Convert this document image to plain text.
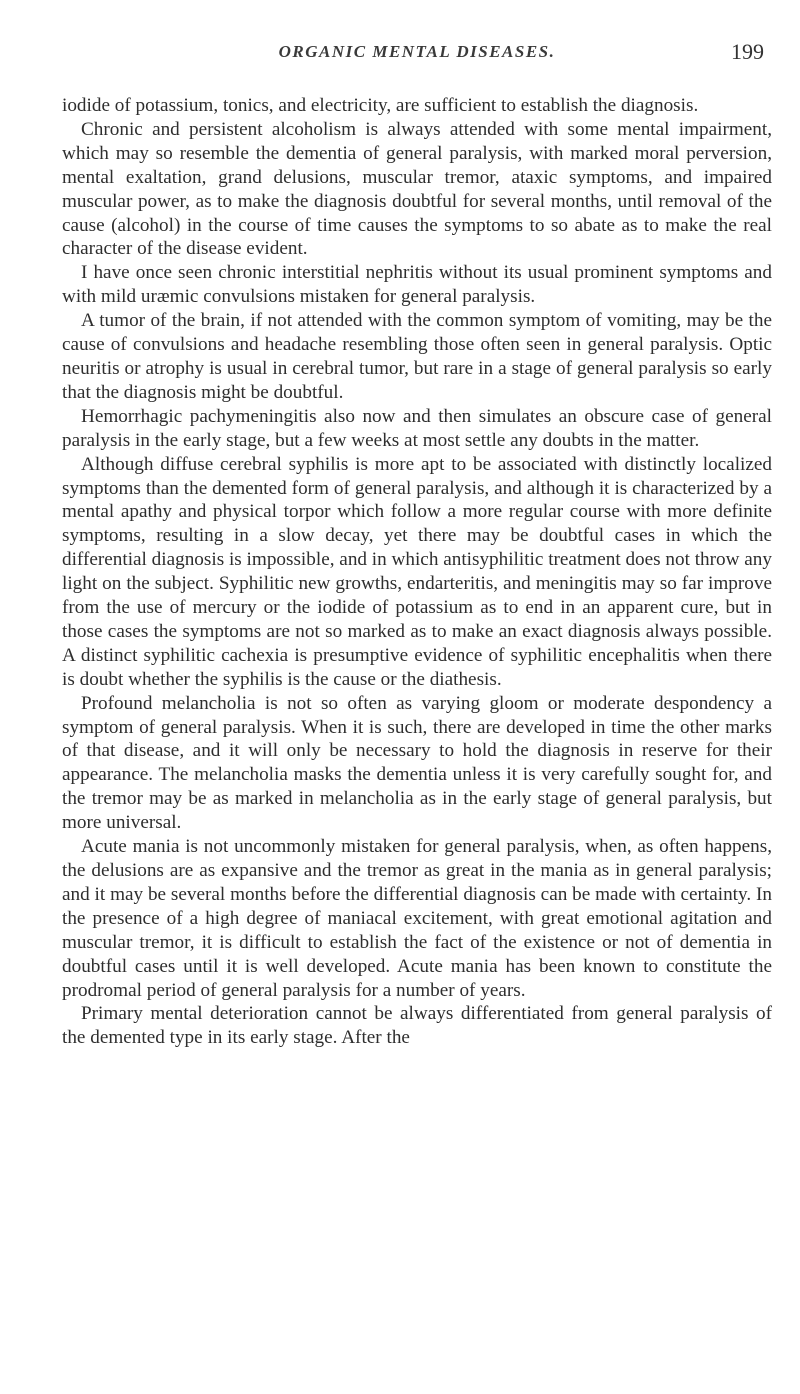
ORGANIC MENTAL DISEASES.	199

iodide of potassium, tonics, and electricity, are sufficient to establish the diagnosis.

Chronic and persistent alcoholism is always attended with some mental impairment, which may so resemble the dementia of general paralysis, with marked moral perversion, mental exaltation, grand delusions, muscular tremor, ataxic symptoms, and impaired muscular power, as to make the diagnosis doubtful for several months, until removal of the cause (alcohol) in the course of time causes the symptoms to so abate as to make the real character of the disease evident.

I have once seen chronic interstitial nephritis without its usual prominent symptoms and with mild uræmic convulsions mistaken for general paralysis.

A tumor of the brain, if not attended with the common symptom of vomiting, may be the cause of convulsions and headache resembling those often seen in general paralysis. Optic neuritis or atrophy is usual in cerebral tumor, but rare in a stage of general paralysis so early that the diagnosis might be doubtful.

Hemorrhagic pachymeningitis also now and then simulates an obscure case of general paralysis in the early stage, but a few weeks at most settle any doubts in the matter.

Although diffuse cerebral syphilis is more apt to be associated with distinctly localized symptoms than the demented form of general paralysis, and although it is characterized by a mental apathy and physical torpor which follow a more regular course with more definite symptoms, resulting in a slow decay, yet there may be doubtful cases in which the differential diagnosis is impossible, and in which antisyphilitic treatment does not throw any light on the subject. Syphilitic new growths, endarteritis, and meningitis may so far improve from the use of mercury or the iodide of potassium as to end in an apparent cure, but in those cases the symptoms are not so marked as to make an exact diagnosis always possible. A distinct syphilitic cachexia is presumptive evidence of syphilitic encephalitis when there is doubt whether the syphilis is the cause or the diathesis.

Profound melancholia is not so often as varying gloom or moderate despondency a symptom of general paralysis. When it is such, there are developed in time the other marks of that disease, and it will only be necessary to hold the diagnosis in reserve for their appearance. The melancholia masks the dementia unless it is very carefully sought for, and the tremor may be as marked in melancholia as in the early stage of general paralysis, but more universal.

Acute mania is not uncommonly mistaken for general paralysis, when, as often happens, the delusions are as expansive and the tremor as great in the mania as in general paralysis; and it may be several months before the differential diagnosis can be made with certainty. In the presence of a high degree of maniacal excitement, with great emotional agitation and muscular tremor, it is difficult to establish the fact of the existence or not of dementia in doubtful cases until it is well developed. Acute mania has been known to constitute the prodromal period of general paralysis for a number of years.

Primary mental deterioration cannot be always differentiated from general paralysis of the demented type in its early stage. After the
